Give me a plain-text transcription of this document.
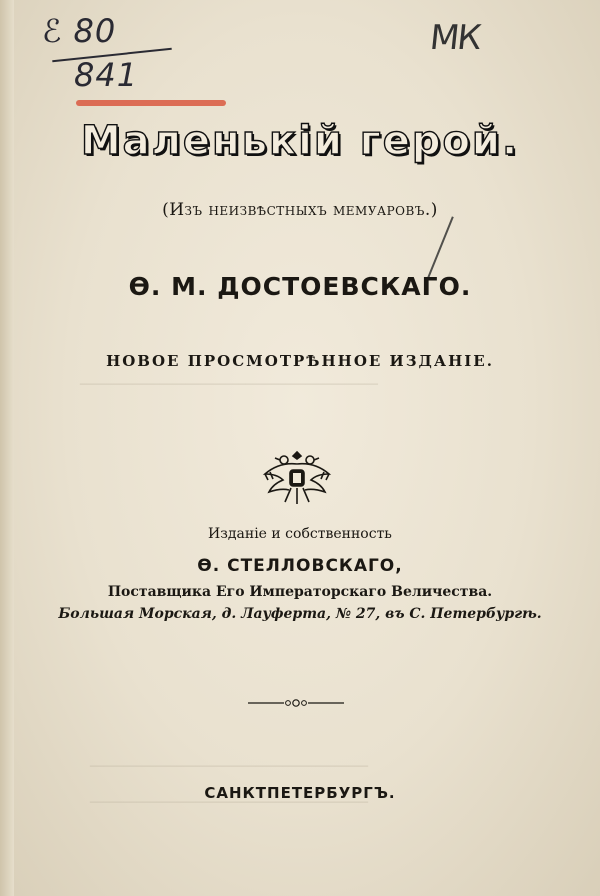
─────────────────────────────────────────────
──────────────────────────────────────────
──────────────────────────────────────────
ℰ 80
841
МК
Маленькій герой.
(Изъ неизвѣстныхъ мемуаровъ.)
Ѳ. М. ДОСТОЕВСКАГО.
НОВОЕ ПРОСМОТРѢННОЕ ИЗДАНІЕ.
Изданіе и собственность
Ѳ. СТЕЛЛОВСКАГО,
Поставщика Его Императорскаго Величества.
Большая Морская, д. Лауферта, № 27, въ С. Петербургѣ.
САНКТПЕТЕРБУРГЪ.
